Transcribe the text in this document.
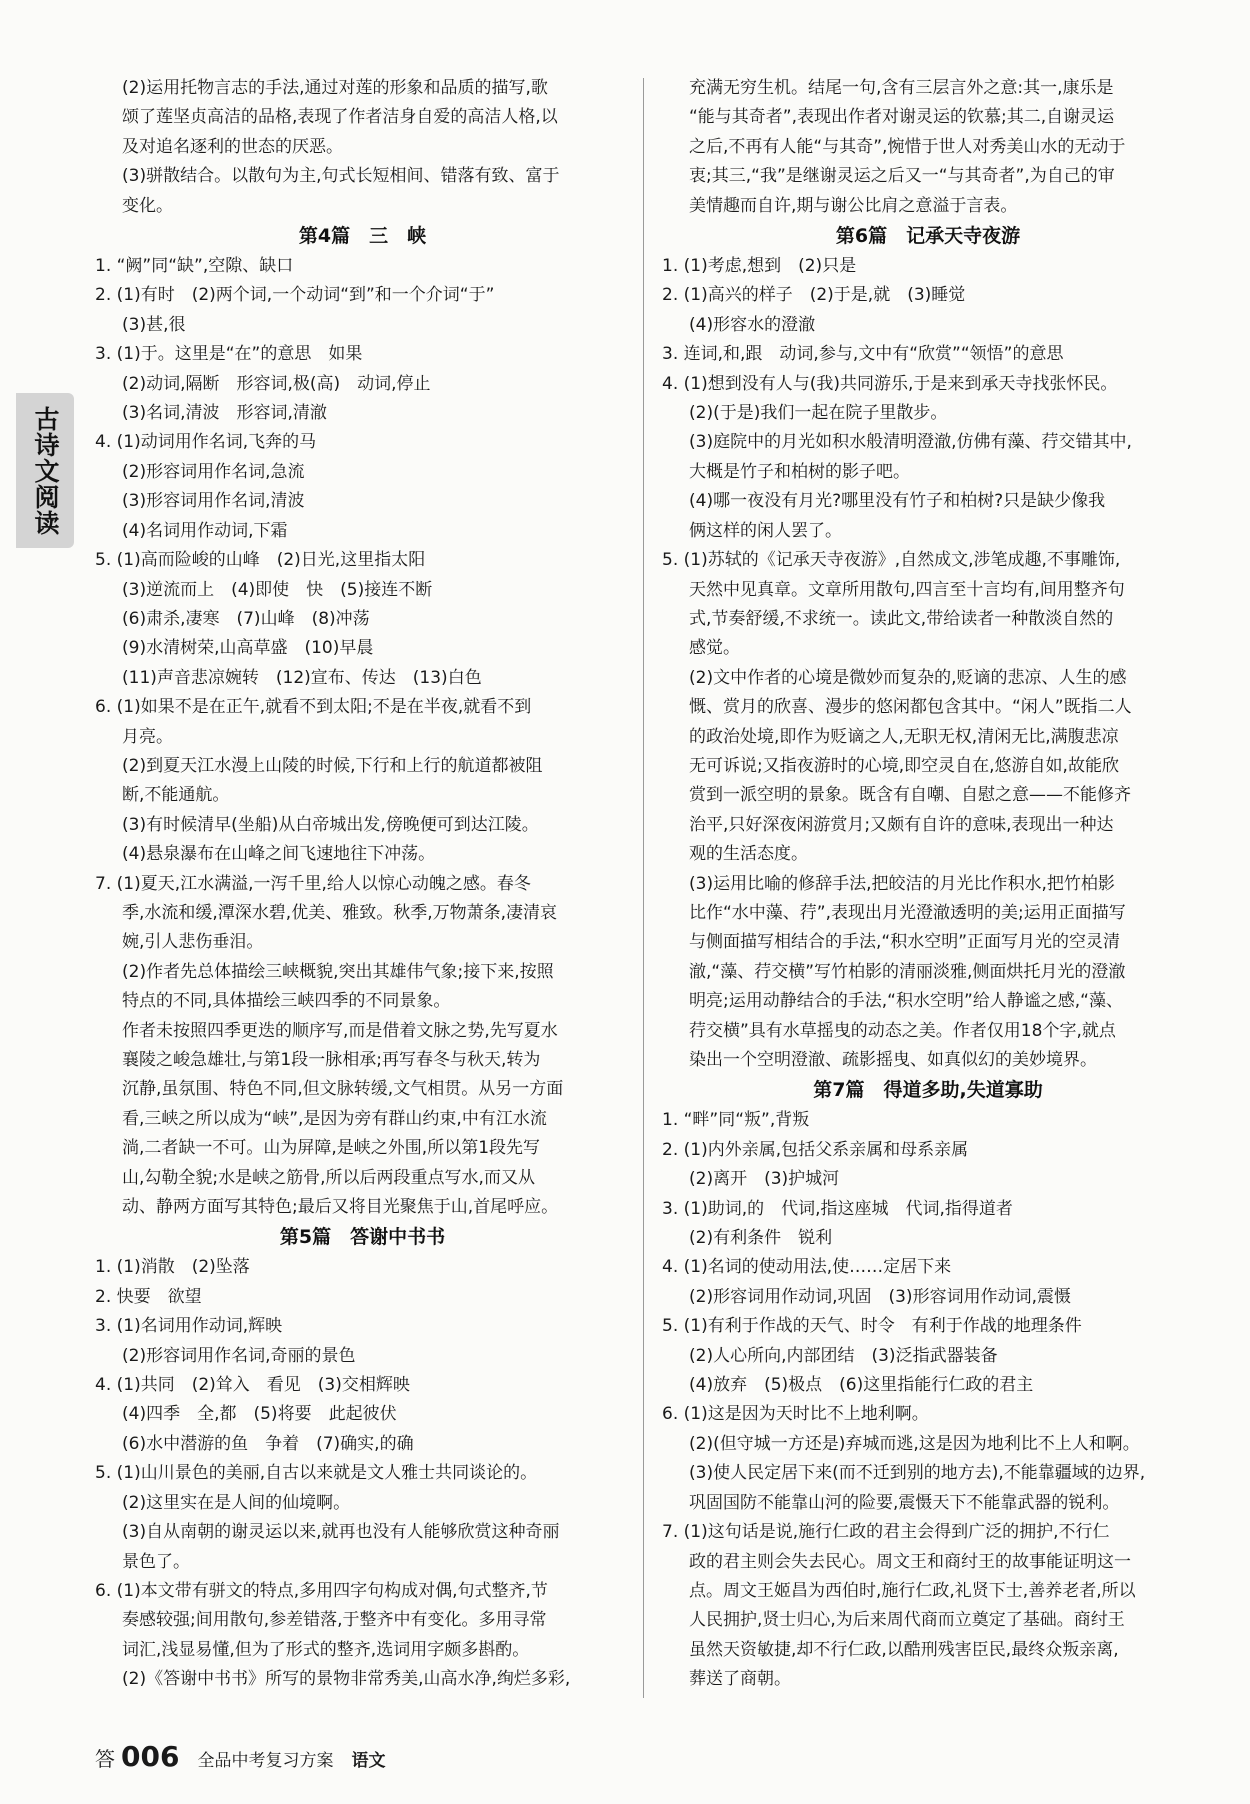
古诗文阅读
(2)运用托物言志的手法,通过对莲的形象和品质的描写,歌
颂了莲坚贞高洁的品格,表现了作者洁身自爱的高洁人格,以
及对追名逐利的世态的厌恶。
(3)骈散结合。以散句为主,句式长短相间、错落有致、富于
变化。
第4篇　三　峡
1. “阙”同“缺”,空隙、缺口
2. (1)有时　(2)两个词,一个动词“到”和一个介词“于”
(3)甚,很
3. (1)于。这里是“在”的意思　如果
(2)动词,隔断　形容词,极(高)　动词,停止
(3)名词,清波　形容词,清澈
4. (1)动词用作名词,飞奔的马
(2)形容词用作名词,急流
(3)形容词用作名词,清波
(4)名词用作动词,下霜
5. (1)高而险峻的山峰　(2)日光,这里指太阳
(3)逆流而上　(4)即使　快　(5)接连不断
(6)肃杀,凄寒　(7)山峰　(8)冲荡
(9)水清树荣,山高草盛　(10)早晨
(11)声音悲凉婉转　(12)宣布、传达　(13)白色
6. (1)如果不是在正午,就看不到太阳;不是在半夜,就看不到
月亮。
(2)到夏天江水漫上山陵的时候,下行和上行的航道都被阻
断,不能通航。
(3)有时候清早(坐船)从白帝城出发,傍晚便可到达江陵。
(4)悬泉瀑布在山峰之间飞速地往下冲荡。
7. (1)夏天,江水满溢,一泻千里,给人以惊心动魄之感。春冬
季,水流和缓,潭深水碧,优美、雅致。秋季,万物萧条,凄清哀
婉,引人悲伤垂泪。
(2)作者先总体描绘三峡概貌,突出其雄伟气象;接下来,按照
特点的不同,具体描绘三峡四季的不同景象。
作者未按照四季更迭的顺序写,而是借着文脉之势,先写夏水
襄陵之峻急雄壮,与第1段一脉相承;再写春冬与秋天,转为
沉静,虽氛围、特色不同,但文脉转缓,文气相贯。从另一方面
看,三峡之所以成为“峡”,是因为旁有群山约束,中有江水流
淌,二者缺一不可。山为屏障,是峡之外围,所以第1段先写
山,勾勒全貌;水是峡之筋骨,所以后两段重点写水,而又从
动、静两方面写其特色;最后又将目光聚焦于山,首尾呼应。
第5篇　答谢中书书
1. (1)消散　(2)坠落
2. 快要　欲望
3. (1)名词用作动词,辉映
(2)形容词用作名词,奇丽的景色
4. (1)共同　(2)耸入　看见　(3)交相辉映
(4)四季　全,都　(5)将要　此起彼伏
(6)水中潜游的鱼　争着　(7)确实,的确
5. (1)山川景色的美丽,自古以来就是文人雅士共同谈论的。
(2)这里实在是人间的仙境啊。
(3)自从南朝的谢灵运以来,就再也没有人能够欣赏这种奇丽
景色了。
6. (1)本文带有骈文的特点,多用四字句构成对偶,句式整齐,节
奏感较强;间用散句,参差错落,于整齐中有变化。多用寻常
词汇,浅显易懂,但为了形式的整齐,选词用字颇多斟酌。
(2)《答谢中书书》所写的景物非常秀美,山高水净,绚烂多彩,
充满无穷生机。结尾一句,含有三层言外之意:其一,康乐是
“能与其奇者”,表现出作者对谢灵运的钦慕;其二,自谢灵运
之后,不再有人能“与其奇”,惋惜于世人对秀美山水的无动于
衷;其三,“我”是继谢灵运之后又一“与其奇者”,为自己的审
美情趣而自许,期与谢公比肩之意溢于言表。
第6篇　记承天寺夜游
1. (1)考虑,想到　(2)只是
2. (1)高兴的样子　(2)于是,就　(3)睡觉
(4)形容水的澄澈
3. 连词,和,跟　动词,参与,文中有“欣赏”“领悟”的意思
4. (1)想到没有人与(我)共同游乐,于是来到承天寺找张怀民。
(2)(于是)我们一起在院子里散步。
(3)庭院中的月光如积水般清明澄澈,仿佛有藻、荇交错其中,
大概是竹子和柏树的影子吧。
(4)哪一夜没有月光?哪里没有竹子和柏树?只是缺少像我
俩这样的闲人罢了。
5. (1)苏轼的《记承天寺夜游》,自然成文,涉笔成趣,不事雕饰,
天然中见真章。文章所用散句,四言至十言均有,间用整齐句
式,节奏舒缓,不求统一。读此文,带给读者一种散淡自然的
感觉。
(2)文中作者的心境是微妙而复杂的,贬谪的悲凉、人生的感
慨、赏月的欣喜、漫步的悠闲都包含其中。“闲人”既指二人
的政治处境,即作为贬谪之人,无职无权,清闲无比,满腹悲凉
无可诉说;又指夜游时的心境,即空灵自在,悠游自如,故能欣
赏到一派空明的景象。既含有自嘲、自慰之意——不能修齐
治平,只好深夜闲游赏月;又颇有自许的意味,表现出一种达
观的生活态度。
(3)运用比喻的修辞手法,把皎洁的月光比作积水,把竹柏影
比作“水中藻、荇”,表现出月光澄澈透明的美;运用正面描写
与侧面描写相结合的手法,“积水空明”正面写月光的空灵清
澈,“藻、荇交横”写竹柏影的清丽淡雅,侧面烘托月光的澄澈
明亮;运用动静结合的手法,“积水空明”给人静谧之感,“藻、
荇交横”具有水草摇曳的动态之美。作者仅用18个字,就点
染出一个空明澄澈、疏影摇曳、如真似幻的美妙境界。
第7篇　得道多助,失道寡助
1. “畔”同“叛”,背叛
2. (1)内外亲属,包括父系亲属和母系亲属
(2)离开　(3)护城河
3. (1)助词,的　代词,指这座城　代词,指得道者
(2)有利条件　锐利
4. (1)名词的使动用法,使……定居下来
(2)形容词用作动词,巩固　(3)形容词用作动词,震慑
5. (1)有利于作战的天气、时令　有利于作战的地理条件
(2)人心所向,内部团结　(3)泛指武器装备
(4)放弃　(5)极点　(6)这里指能行仁政的君主
6. (1)这是因为天时比不上地利啊。
(2)(但守城一方还是)弃城而逃,这是因为地利比不上人和啊。
(3)使人民定居下来(而不迁到别的地方去),不能靠疆域的边界,
巩固国防不能靠山河的险要,震慑天下不能靠武器的锐利。
7. (1)这句话是说,施行仁政的君主会得到广泛的拥护,不行仁
政的君主则会失去民心。周文王和商纣王的故事能证明这一
点。周文王姬昌为西伯时,施行仁政,礼贤下士,善养老者,所以
人民拥护,贤士归心,为后来周代商而立奠定了基础。商纣王
虽然天资敏捷,却不行仁政,以酷刑残害臣民,最终众叛亲离,
葬送了商朝。
答 006 全品中考复习方案 语文
